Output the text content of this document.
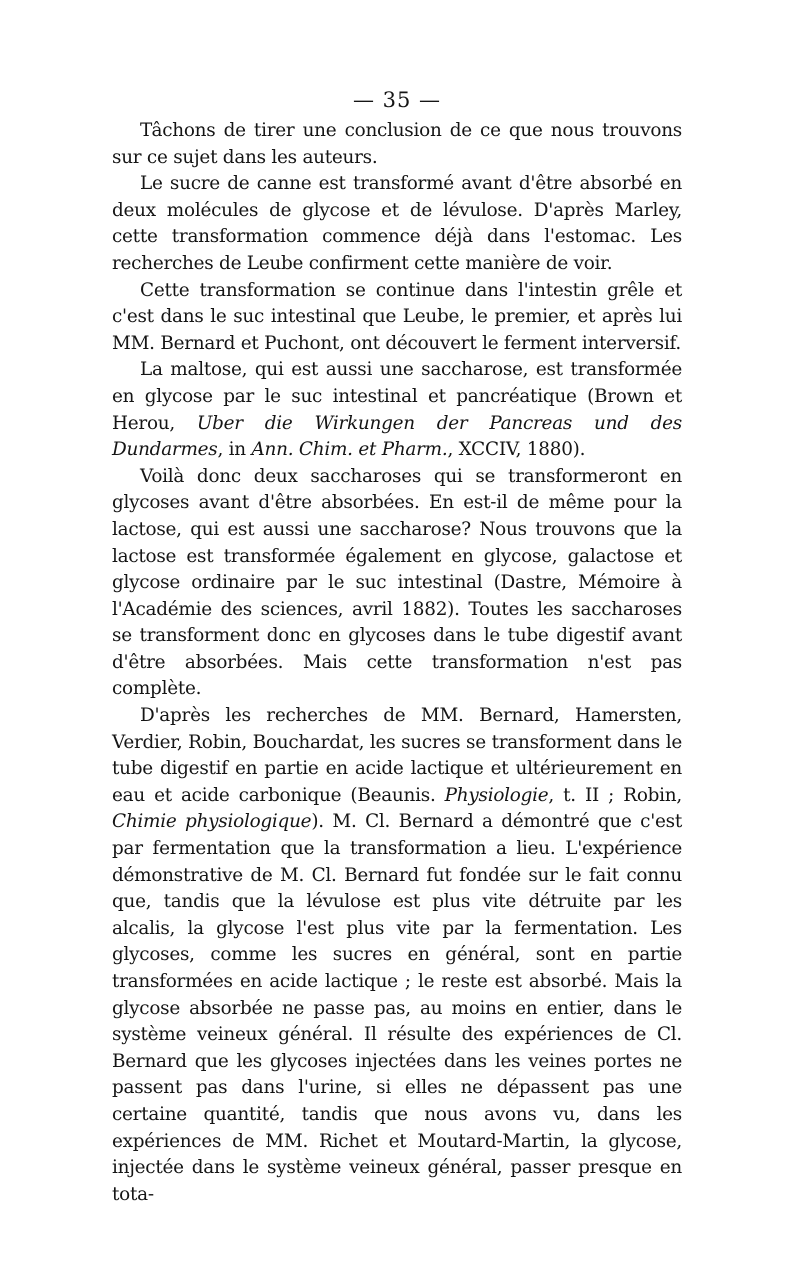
— 35 —

Tâchons de tirer une conclusion de ce que nous trouvons sur ce sujet dans les auteurs.

Le sucre de canne est transformé avant d'être absorbé en deux molécules de glycose et de lévulose. D'après Marley, cette transformation commence déjà dans l'estomac. Les recherches de Leube confirment cette manière de voir.

Cette transformation se continue dans l'intestin grêle et c'est dans le suc intestinal que Leube, le premier, et après lui MM. Bernard et Puchont, ont découvert le ferment interversif.

La maltose, qui est aussi une saccharose, est transformée en glycose par le suc intestinal et pancréatique (Brown et Herou, Uber die Wirkungen der Pancreas und des Dundarmes, in Ann. Chim. et Pharm., XCCIV, 1880).

Voilà donc deux saccharoses qui se transformeront en glycoses avant d'être absorbées. En est-il de même pour la lactose, qui est aussi une saccharose? Nous trouvons que la lactose est transformée également en glycose, galactose et glycose ordinaire par le suc intestinal (Dastre, Mémoire à l'Académie des sciences, avril 1882). Toutes les saccharoses se transforment donc en glycoses dans le tube digestif avant d'être absorbées. Mais cette transformation n'est pas complète.

D'après les recherches de MM. Bernard, Hamersten, Verdier, Robin, Bouchardat, les sucres se transforment dans le tube digestif en partie en acide lactique et ultérieurement en eau et acide carbonique (Beaunis. Physiologie, t. II ; Robin, Chimie physiologique). M. Cl. Bernard a démontré que c'est par fermentation que la transformation a lieu. L'expérience démonstrative de M. Cl. Bernard fut fondée sur le fait connu que, tandis que la lévulose est plus vite détruite par les alcalis, la glycose l'est plus vite par la fermentation. Les glycoses, comme les sucres en général, sont en partie transformées en acide lactique ; le reste est absorbé. Mais la glycose absorbée ne passe pas, au moins en entier, dans le système veineux général. Il résulte des expériences de Cl. Bernard que les glycoses injectées dans les veines portes ne passent pas dans l'urine, si elles ne dépassent pas une certaine quantité, tandis que nous avons vu, dans les expériences de MM. Richet et Moutard-Martin, la glycose, injectée dans le système veineux général, passer presque en tota-
